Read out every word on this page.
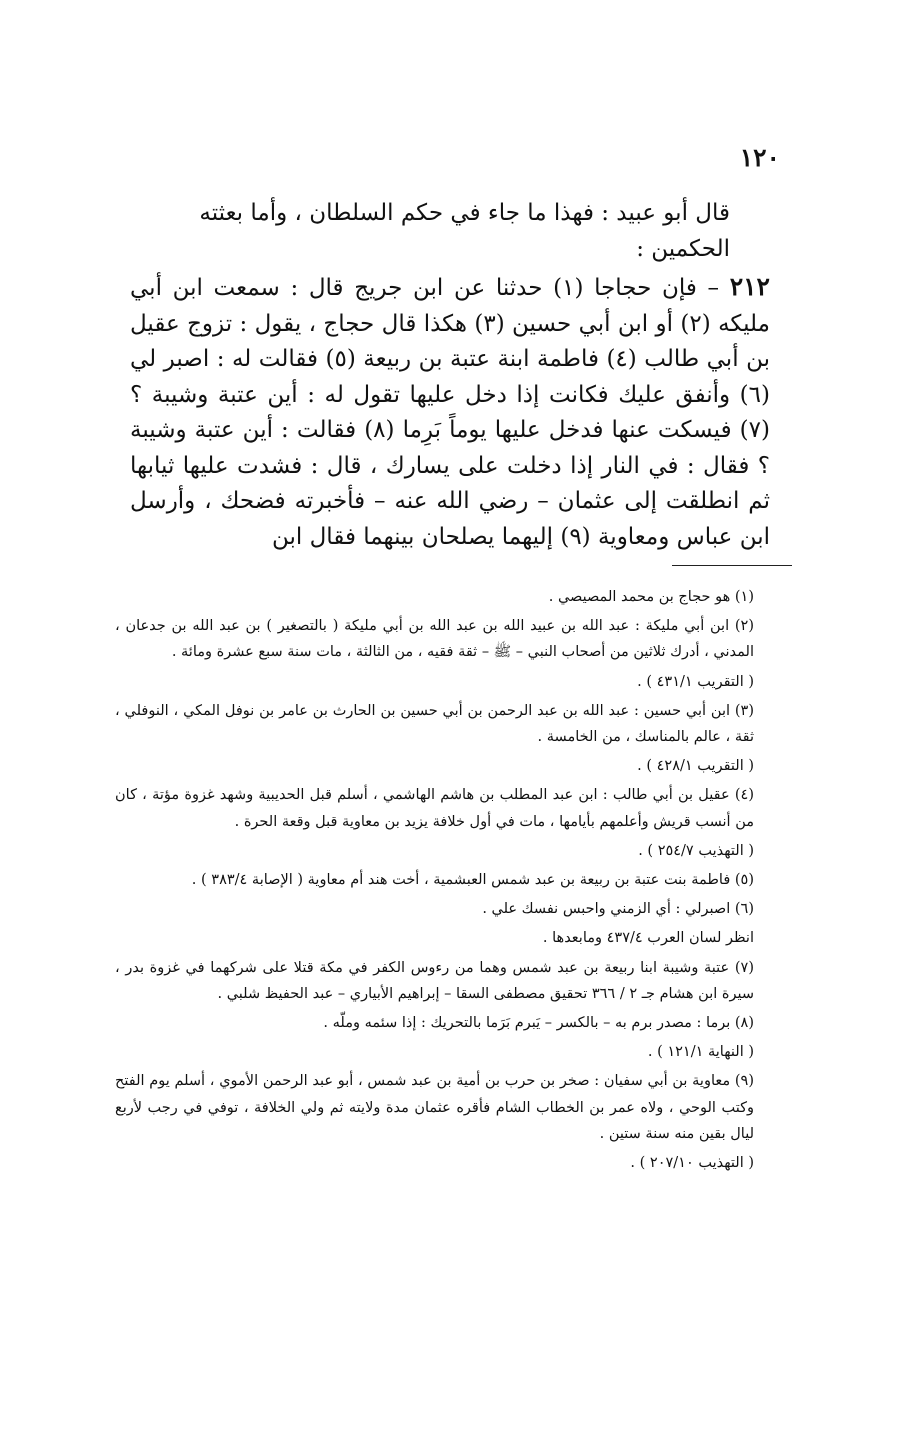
١٢٠

قال أبو عبيد : فهذا ما جاء في حكم السلطان ، وأما بعثته الحكمين :

٢١٢ – فإن حجاجا (١) حدثنا عن ابن جريج قال : سمعت ابن أبي مليكه (٢) أو ابن أبي حسين (٣) هكذا قال حجاج ، يقول : تزوج عقيل بن أبي طالب (٤) فاطمة ابنة عتبة بن ربيعة (٥) فقالت له : اصبر لي (٦) وأنفق عليك فكانت إذا دخل عليها تقول له : أين عتبة وشيبة ؟ (٧) فيسكت عنها فدخل عليها يوماً بَرِما (٨) فقالت : أين عتبة وشيبة ؟ فقال : في النار إذا دخلت على يسارك ، قال : فشدت عليها ثيابها ثم انطلقت إلى عثمان – رضي الله عنه – فأخبرته فضحك ، وأرسل ابن عباس ومعاوية (٩) إليهما يصلحان بينهما فقال ابن

(١) هو حجاج بن محمد المصيصي .

(٢) ابن أبي مليكة : عبد الله بن عبيد الله بن عبد الله بن أبي مليكة ( بالتصغير ) بن عبد الله بن جدعان ، المدني ، أدرك ثلاثين من أصحاب النبي – ﷺ – ثقة فقيه ، من الثالثة ، مات سنة سبع عشرة ومائة .

( التقريب ٤٣١/١ ) .

(٣) ابن أبي حسين : عبد الله بن عبد الرحمن بن أبي حسين بن الحارث بن عامر بن نوفل المكي ، النوفلي ، ثقة ، عالم بالمناسك ، من الخامسة .

( التقريب ٤٢٨/١ ) .

(٤) عقيل بن أبي طالب : ابن عبد المطلب بن هاشم الهاشمي ، أسلم قبل الحديبية وشهد غزوة مؤتة ، كان من أنسب قريش وأعلمهم بأيامها ، مات في أول خلافة يزيد بن معاوية قبل وقعة الحرة .

( التهذيب ٢٥٤/٧ ) .

(٥) فاطمة بنت عتبة بن ربيعة بن عبد شمس العبشمية ، أخت هند أم معاوية ( الإصابة ٣٨٣/٤ ) .

(٦) اصبرلي : أي الزمني واحبس نفسك علي .

انظر لسان العرب ٤٣٧/٤ ومابعدها .

(٧) عتبة وشيبة ابنا ربيعة بن عبد شمس وهما من رءوس الكفر في مكة قتلا على شركهما في غزوة بدر ، سيرة ابن هشام جـ ٢ / ٣٦٦ تحقيق مصطفى السقا – إبراهيم الأبياري – عبد الحفيظ شلبي .

(٨) برما : مصدر برم به – بالكسر – يَبرم بَرَما بالتحريك : إذا سئمه وملّه .

( النهاية ١٢١/١ ) .

(٩) معاوية بن أبي سفيان : صخر بن حرب بن أمية بن عبد شمس ، أبو عبد الرحمن الأموي ، أسلم يوم الفتح وكتب الوحي ، ولاه عمر بن الخطاب الشام فأقره عثمان مدة ولايته ثم ولي الخلافة ، توفي في رجب لأربع ليال بقين منه سنة ستين .

( التهذيب ٢٠٧/١٠ ) .
